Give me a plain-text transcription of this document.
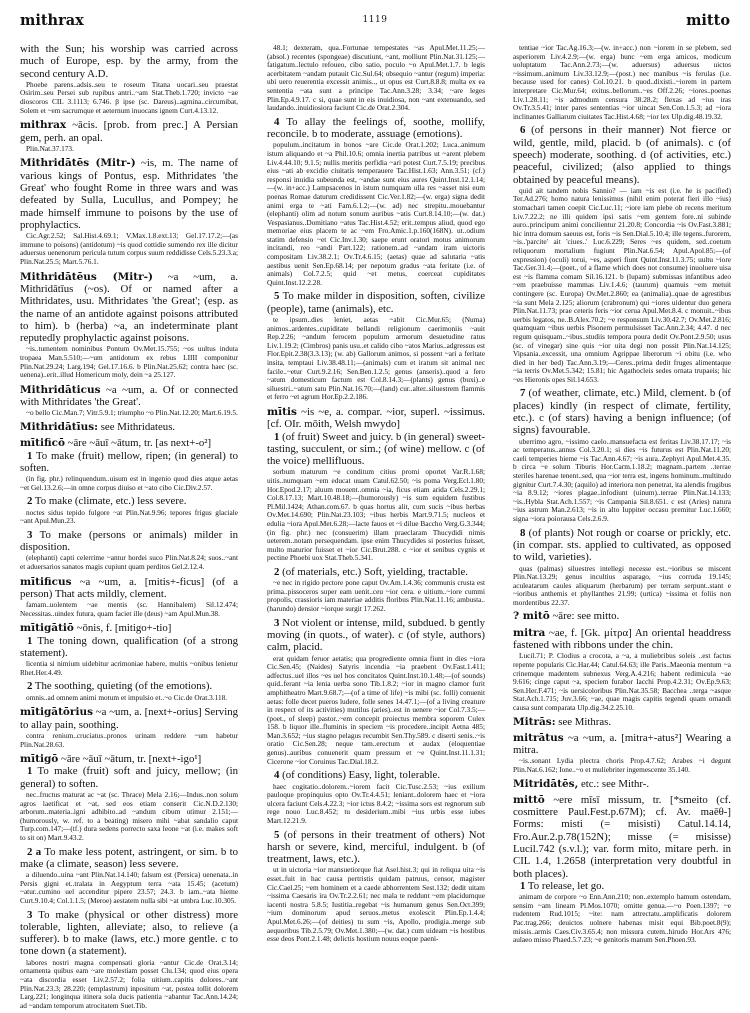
mithrax	1119	mitto

with the Sun; his worship was carried across much of Europe, esp. by the army, from the second century A.D.

Phoebe parens..adsis..seu te roseum Titana uocari..seu praestat Osirim..seu Persei sub rupibus antri..~am Stat.Theb.1.720; invicto ~ae dioscoros CIL 3.1113; 6.746. β ipse (sc. Dareus)..agmina..circumibat, Solem et ~em sacrumque et aeternum inuocans ignem Curt.4.13.12.

mithrax ~ācis. [prob. from prec.] A Persian gem, perh. an opal.

Plin.Nat.37.173.

Mithridātēs (Mitr-) ~is, m. The name of various kings of Pontus, esp. Mithridates 'the Great' who fought Rome in three wars and was defeated by Sulla, Lucullus, and Pompey; he made himself immune to poisons by the use of prophylactics.

Cic.Agr.2.52; Sal.Hist.4.69.1; V.Max.1.8.ext.13; Gel.17.17.2;—(as immune to poisons) (antidotum) ~is quod cottidie sumendo rex ille dicitur aduersus uenenorum pericula tutum corpus suum reddidisse Cels.5.23.3.a; Plin.Nat.25.5; Mart.5.76.1.

Mithridātēus (Mitr-) ~a ~um, a. Mithridātīus (~os). Of or named after a Mithridates, usu. Mithridates 'the Great'; (esp. as the name of an antidote against poisons attributed to him). b (herba) ~a, an indeterminate plant reputedly prophylactic against poisons.

~is..tumentem nominibus Pontum Ov.Met.15.755; ~os uultus induta tropaea Man.5.510;—~um antidotum ex rebus LIIII componitur Plin.Nat.29.24; Larg.194; Gel.17.16.6. b Plin.Nat.25.62; contra haec (sc. uenena)..erit..illud Homericum moly, dein ~a 25.127.

Mithridāticus ~a ~um, a. Of or connected with Mithridates 'the Great'.

~o bello Cic.Man.7; Vitr.5.9.1; triumpho ~o Plin.Nat.12.20; Mart.6.19.5.

Mithridātīus: see Mithridateus.

mītificō ~āre ~āuī ~ātum, tr. [as next+-o²]

1 To make (fruit) mellow, ripen; (in general) to soften.

(in fig. phr.) relinquendum..uisum est in ingenio quod dies atque aetas ~et Gel.13.2.6;—in omne corpus diuiso et ~ato cibo Cic.Div.2.57.

2 To make (climate, etc.) less severe.

noctes sidus tepido fulgore ~at Plin.Nat.9.96; tepores frigus glaciale ~ant Apul.Mun.23.

3 To make (persons or animals) milder in disposition.

(elephanti) capti celerrime ~antur hordei suco Plin.Nat.8.24; suos..~ant et aduersarios sanatos magis cupiunt quam perditos Gel.2.12.4.

mītificus ~a ~um, a. [mitis+-ficus] (of a person) That acts mildly, clement.

famam..uolentem ~ae mentis (sc. Hannibalem) Sil.12.474; Necessitas..uindex futura, quam faciet ille (deus) ~am Apul.Mun.38.

mītigātiō ~ōnis, f. [mitigo+-tio]

1 The toning down, qualification (of a strong statement).

licentia si nimium uidebitur acrimoniae habere, multis ~onibus lenietur Rhet.Her.4.49.

2 The soothing, quieting (of the emotions).

omnis..ad omnem animi motum et impulsio et..~o Cic.de Orat.3.118.

mītigātōrius ~a ~um, a. [next+-orius] Serving to allay pain, soothing.

contra renium..cruciatus..pronos urinam reddere ~um habetur Plin.Nat.28.63.

mītigō ~āre ~āuī ~ātum, tr. [next+-igo¹]

1 To make (fruit) soft and juicy, mellow; (in general) to soften.

nec..fructus maturat ac ~at (sc. Thrace) Mela 2.16;—Indus..non solum agros laetificat et ~at, sed eos etiam conserit Cic.N.D.2.130; arborum..materia..igni adhibito..ad ~andum cibum utimur 2.151;—(humorously, w. ref. to a beating) misero mihi ~abat sandalio caput Turp.com.147;—(tf.) dura sedens porrecto saxa leone ~at (i.e. makes soft to sit on) Mart.9.43.2.

2 a To make less potent, astringent, or sim. b to make (a climate, season) less severe.

a diluendo..uina ~ant Plin.Nat.14.140; falsum est (Persica) uenenata..in Persis gigni et..tralata in Aegyptum terra ~ata 15.45; (acetum) ~atur..cumino uel accenditur pipere 23.57; 24.3. b iam..~ata hieme Curt.9.10.4; Col.1.1.5; (Meroe) aestatem nulla sibi ~at umbra Luc.10.305.

3 To make (physical or other distress) more tolerable, lighten, alleviate; also, to relieve (a sufferer). b to make (laws, etc.) more gentle. c to tone down (a statement).

labores nostri magna compensati gloria ~antur Cic.de Orat.3.14; ornamenta quibus eam ~are molestiam posset Clu.134; quod eius opera ~ata discordia esset Liv.2.57.2; folia uitium..capitis dolores..~ant Plin.Nat.23.3; 28.220; (emplastrum) inpositum ~at, postea tollit dolorem Larg.221; longinqua itinera sola ducis patientia ~abantur Tac.Ann.14.24; ad ~andam temporum atrocitatem Suet.Tib.

48.1; dexteram, qua..Fortunae tempestates ~as Apul.Met.11.25;—(absol.) recentes (spongeae) discutiunt, ~ant, molliunt Plin.Nat.31.125;—fatigatum..lectulo refoueo, cibo satio, poculo ~o Apul.Met.1.7. b legis acerbitatem ~andam putauit Cic.Sul.64; obsequio ~antur (regum) imperia: ubi uero reuerentia excessit animis.., ut opus est Curt.8.8.8; multa ex ea sententia ~ata sunt a principe Tac.Ann.3.28; 3.34; ~are leges Plin.Ep.4.9.17. c si, quae sunt in eis inuidiosa, non ~ant extenuando, sed laudando..inuidiosiora faciunt Cic.de Orat.2.304.

4 To allay the feelings of, soothe, mollify, reconcile. b to moderate, assuage (emotions).

populum..incitatum in bonos ~are Cic.de Orat.1.202; Luca..animum istum aliquando et ~a Phil.10.6; omnia inertia patribus ut ~arent plebem Liv.4.44.10; 9.1.5; nullis meritis perfidia ~ari potest Curt.7.5.19; precibus eius ~ati ab excidio ciuitatis temperauere Tac.Hist.1.63; Ann.3.51; (cf.) responsi inuidia subeunda est, ~andae sunt eius aures Quint.Inst.12.1.14;—(w. in+acc.) Lampsacenos in istum numquam ulla res ~asset nisi eum poenas Romae daturum credidissent Cic.Ver.1.82;—(w. erga) signa dedit animi erga te ~ati Fam.6.1.2;—(w. ad) nec strepitu..mouebantur (elephanti) olim ad notum sonum auribus ~atis Curt.8.14.10;—(w. dat.) Vespasianus..Domitiano ~atus Tac.Hist.4.52; erit..tempus aliud, quod ego memoriae eius placem te ac ~em Fro.Amic.1.p.160(168N). ut..odium statim defensio ~et Cic.Inv.1.30; saepe erunt oratori motus animorum incitandi, reo ~andi Part.122; rationem..ad ~andam iram uictoris compositam Liv.38.2.1; Ov.Tr.4.6.15; (aetas) quae ad salutaria ~atis aestibus uenit Sen.Ep.68.14; per nepotum gradus ~ata feritate (i.e. of animals) Col.7.2.5; quid ~et metus, coerceat cupiditates Quint.Inst.12.2.28.

5 To make milder in disposition, soften, civilize (people), tame (animals), etc.

te ipsum..dies leniet, aetas ~abit Cic.Mur.65; (Numa) animos..ardentes..cupiditate bellandi religionum caerimoniis ~auit Rep.2.26; ~andum ferocem populum armorum desuetudine ratus Liv.1.19.2; (Cimbros) panis usu..et calido cibo ~atos Marius..adgressus est Flor.Epit.2.38(3.3.13); (w. ab) Gallorum animos, si possent ~ari a feritate insita, temptaui Liv.38.48.11;—(animals) cum et iratum sit animal nec facile..~etur Curt.9.2.16; Sen.Ben.1.2.5; genus (anseris)..quod a fero ~atum domesticum factum est Col.8.14.3;—(plants) genus (buxi)..e siluestri..~atum satu Plin.Nat.16.70;—(land) cur..alter..siluestrem flammis et ferro ~et agrum Hor.Ep.2.2.186.

mītis ~is ~e, a. compar. ~ior, superl. ~issimus. [cf. OIr. mōith, Welsh mwydo]

1 (of fruit) Sweet and juicy. b (in general) sweet-tasting, succulent, or sim.; (of wine) mellow. c (of the voice) mellifluous.

sorbum maturum ~e conditum citius promi oportet Var.R.1.68; uitis..numquam ~em educat uuam Catul.62.50; ~is poma Verg.Ecl.1.80; Hor.Epod.2.17; aluum mouent..omnia ~ia, ficus etiam arida Cels.2.29.1; Col.8.17.13; Mart.10.48.18;—(humorously) ~is sum equidem fustibus Pl.Mil.1424; Athan.com.67. b quas hortus alit, cum sucis ~ibus herbas Ov.Met.14.690; Plin.Nat.23.103; ~ibus herbis Mart.9.71.5; nucleos et edulia ~iora Apul.Met.6.28;—lacte fauos et ~i dilue Baccho Verg.G.3.344; (in fig. phr.) nec (consuerim) illam praeclaram Thucydidi nimis ueterem..notam persequendam. ipse enim Thucydides si posterius fuisset, multo maturior fuisset et ~ior Cic.Brut.288. c ~ior et senibus cygnis et pectine Phoebi uox Stat.Theb.5.341.

2 (of materials, etc.) Soft, yielding, tractable.

~e nec in rigido pectore pone caput Ov.Am.1.4.36; communis crusta est prima..pissoceros super eam uenit..ceu ~ior cera. e uitium..~iore cummi propolis, crassioris iam materiae additis floribus Plin.Nat.11.16; ambusta..(harundo) densior ~iorque surgit 17.262.

3 Not violent or intense, mild, subdued. b gently moving (in quots., of water). c (of style, authors) calm, placid.

erat quidam feruor aetatis; qua progrediente omnia fiunt in dies ~iora Cic.Sen.45; (Naides) Satyris incendia ~ia praebent Ov.Fast.1.411; adfectus..uel illos ~es uel hos concitatos Quint.Inst.10.1.48;—(of sounds) quid..ferant ~ia lenia uerba sono Tib.1.8.2; ~ior in magno clamor furit amphitheatro Mart.9.68.7;—(of a time of life) ~is mibi (sc. folli) conuenit aetas: folle decet pueros ludere, folle senes 14.47.1;—(of a living creature in respect of its activities) mutilus (aries)..est in uenere ~ior Col.7.3.5;—(poet., of sleep) pastor..~em concepit proiectus membra soporem Culex 158. b liquor ille..fluminis in speciem ~is procedere..incipit Aetna 485; Man.3.652; ~ius stagno pelagus recumbit Sen.Thy.589. c diserti senis..~is oratio Cic.Sen.28; neque tam..erectum et audax (eloquentiae genus)..auribus conuenerit quam pressum et ~e Quint.Inst.11.1.31; Cicerone ~ior Coruinus Tac.Dial.18.2.

4 (of conditions) Easy, light, tolerable.

haec cogitatio..dolorem..~iorem facit Cic.Tusc.2.53; ~ius exilium pauloque propinquius opto Ov.Tr.4.4.51; leniant..dolorem haec et ~iora ulcera faciunt Cels.4.22.3; ~ior ictus 8.4.2; ~issima sors est regnorum sub rege nouo Luc.8.452; tu desiderium..mibi ~ius urbis esse iubes Mart.12.21.9.

5 (of persons in their treatment of others) Not harsh or severe, kind, merciful, indulgent. b (of treatment, laws, etc.).

ut in uictoria ~ior mansuetiorque fiat Asel.hist.3; qui in reliqua uita ~is esset..fuit in hac causa pertristis quidam patruus, censor, magister Cic.Cael.25; ~em hominem et a caede abhorrentem Sest.132; dedit uitam ~issima Caesaris ira Ov.Tr.2.2.61; nec mala te reddunt ~em placidumque iacenti nostra 5.8.5; Iustitia..regebat ~is humanum genus Sen.Oct.399; ~ium dominorum apud seruos..metus exolescit Plin.Ep.1.4.4; Apul.Met.6.26;—(of deities) tu sum ~is, Apollo, prodigia..merge sub aequoribus Tib.2.5.79; Ov.Met.1.380;—(w. dat.) cum uideam ~is hostibus esse deos Pont.2.1.48; delictis hostium nouus eoque paeni-

tentiae ~ior Tac.Ag.16.3;—(w. in+acc.) non ~iorem in se plebem, sed asperiorem Liv.4.2.9;—(w. erga) hunc ~em erga amicos, modicum uoluptatum Tac.Ann.2.73;—(w. aduersus) aduersus uictos ~issimum..animum Liv.33.12.9;—(post.) nec manibus ~is ferulas (i.e. because used for canes) Col.10.21. b quod..dixisti..~iorem in partem interpretare Cic.Mur.64; exitus..bellorum..~es Off.2.26; ~iores..poenas Liv.1.28.11; ~is admodum censura 38.28.2; flexas ad ~ius iras Ov.Tr.3.5.41; inter pares sententias ~ior uincat Sen.Con.1.5.3; ad ~iora inclinantes Galliarum ciuitates Tac.Hist.4.68; ~ior lex Ulp.dig.48.19.32.

6 (of persons in their manner) Not fierce or wild, gentle, mild, placid. b (of animals). c (of speech) moderate, soothing. d (of activities, etc.) peaceful, civilized; (also applied to things obtained by peaceful means).

quid ait tandem nobis Sannio? — iam ~is est (i.e. he is pacified) Ter.Ad.276; homo natura lenissimus (nihil enim poterat fieri illo ~ius) stomachari tamen coepit Cic.Luc.11; ~iore iam plebe ob recens meritum Liv.7.22.2; ne illi quidem ipsi satis ~em gentem fore..ni subinde auro..principum animi concilientur 21.20.8; Concordia ~is Ov.Fast.3.881; hic intra domum saeuus est, foris ~is Sen.Dial.5.10.4; ille tegens..furorem, ~is..'parcite' ait 'ciues..' Luc.6.229; Seres ~es quidem, sed..coetum reliquorum mortalium fugiunt Plin.Nat.6.54; Apul.Apol.85;—(of expression) (oculi) toruі, ~es, asperi fiunt Quint.Inst.11.3.75; uultu ~iore Tac.Ger.31.4;—(poet., of a flame which does not consume) inuoluere uisa est ~is flamma comam Sil.16.121. b (lupam) submissas infantibus adeo ~em praebuisse mammas Liv.1.4.6; (taurum) quamuis ~em metuit contingere (sc. Europa) Ov.Met.2.860; ea (animalia)..quae de agrestibus ~ia sunt Mela 2.125; aliorum (crabronum) qui ~iores uidentur duo genera Plin.Nat.11.73; prae ceteris feris ~ior cerua Apul.Met.8.4. c monuit..~ibus uerbis legatos, ne..B.Alex.70.2; ~e responsum Liv.30.42.7; Ov.Met.2.816; quamquam ~ibus uerbis Pisonem permulsisset Tac.Ann.2.34; 4.47. d nec regum quisquam..~ibus..studiis tempora poura dedit Ov.Pont.2.9.50; usus (sc. of vinegar) sine quis ~ior uita degi non possit Plin.Nat.14.125; Vipsania..excessit, una omnium Agrippae liberorum ~i obitu (i.e. who died in her bed) Tac.Ann.3.19;—Ceres..prima dedit fruges alimentaque ~ia terris Ov.Met.5.342; 15.81; hic Agathocleis sedes ornata trupaeis; hic ~es Hieronis opes Sil.14.653.

7 (of weather, climate, etc.) Mild, clement. b (of places) kindly (in respect of climate, fertility, etc.). c (of stars) having a benign influence; (of signs) favourable.

uberrimo agro, ~issimo caelo..mansuefacta est feritas Liv.38.17.17; ~is ac temperatus..annus Col.3.20.1; si dies ~is futurus est Plin.Nat.11.20; caeli temperies hieme ~is Tac.Ann.4.67; ~is aura..Zephyri Apul.Met.4.35. b circa ~e solum Tiburis Hor.Carm.1.18.2; magnam..partem ..terrae steriles harenae tenent..sed, qua ~ior terra est, ingens hominum..multitudo gignitur Curt.7.4.30; (aquilo) ad interiora non penetrat, ita alendis frugibus ~ia 8.9.12; ~iores plagae..infodiunt (uinum)..terrae Plin.Nat.14.133; ~is..Hybla Stat.Ach.1.557; ~is Campania Sil.8.651. c est (Aries) natura ~ius astrum Man.2.613; ~is in alto Iuppiter occasu premitur Luc.1.660; signa ~iora poiorausa Cels.2.6.9.

8 (of plants) Not rough or coarse or prickly, etc. (in compar. sts. applied to cultivated, as opposed to wild, varieties).

quas (palmas) siluestres intellegi necesse est..~ioribus se miscent Plin.Nat.13.29; genus incultius asparago, ~ius corruda 19.145; aculeatarum caules aliquarum (herbarum) per terram serpunt..stant e ~ioribus anthemis et phyllanthes 21.99; (urtica) ~issima et foliis non mordentibus 22.37.

? mitō ~āre: see mitto.

mitra ~ae, f. [Gk. μίτρα] An oriental headdress fastened with ribbons under the chin.

Lucil.71; P. Clodius a crocota, a ~a, a muliebribus soleis ..est factus repente popularis Cic.Har.44; Catul.64.63; ille Paris..Maeonia mentum ~a crinemque madentem subnexus Verg.A.4.216; habent redimicula ~ae 9.616; cinge caput ~a, speciem furabor Iacchi Prop.4.2.31; Ov.Ep.9.63; Sen.Her.F.471; ~is uersicoloribus Plin.Nat.35.58; Bacchea ..terga ~asque Stat.Ach.1.715; Juv.3.66; ~ae, quae magis capitis tegendi quam ornandi causa sunt comparata Ulp.dig.34.2.25.10.

Mitrās: see Mithras.

mitrātus ~a ~um, a. [mitra+-atus²] Wearing a mitra.

~is..sonant Lydia plectra choris Prop.4.7.62; Arabes ~i degunt Plin.Nat.6.162; Ione..~o et muliebriter ingemescente 35.140.

Mitridātēs, etc.: see Mithr-.

mittō ~ere mīsī missum, tr. [*smeito (cf. cosmittere Paul.Fest.p.67M); cf. Av. maēθ-] Forms: misti (= misisti) Catul.14.14, Fro.Aur.2.p.78(152N); misse (= misisse) Lucil.742 (s.v.l.); var. form mito, mitare perh. in CIL 1.4, 1.2658 (interpretation very doubtful in both places).

1 To release, let go.

animam de corpore ~o Enn.Ann.210; non..extemplo hamum ostendam, sensim ~am lineam Pl.Mos.1070; omitte genua.—~o Poen.1397; ~e rudentem Rud.1015; ~ite: nam attrectatu..amplificatis dolorem Pac.trag.266; deuictos uolnere habenas misit equi Bib.poet.8(9); missis..armis Caes.Civ.3.65.4; non missura cutem..hirudo Hor.Ars 476; aulaeo misso Phaed.5.7.23; ~e genitoris manum Sen.Phoen.93.
